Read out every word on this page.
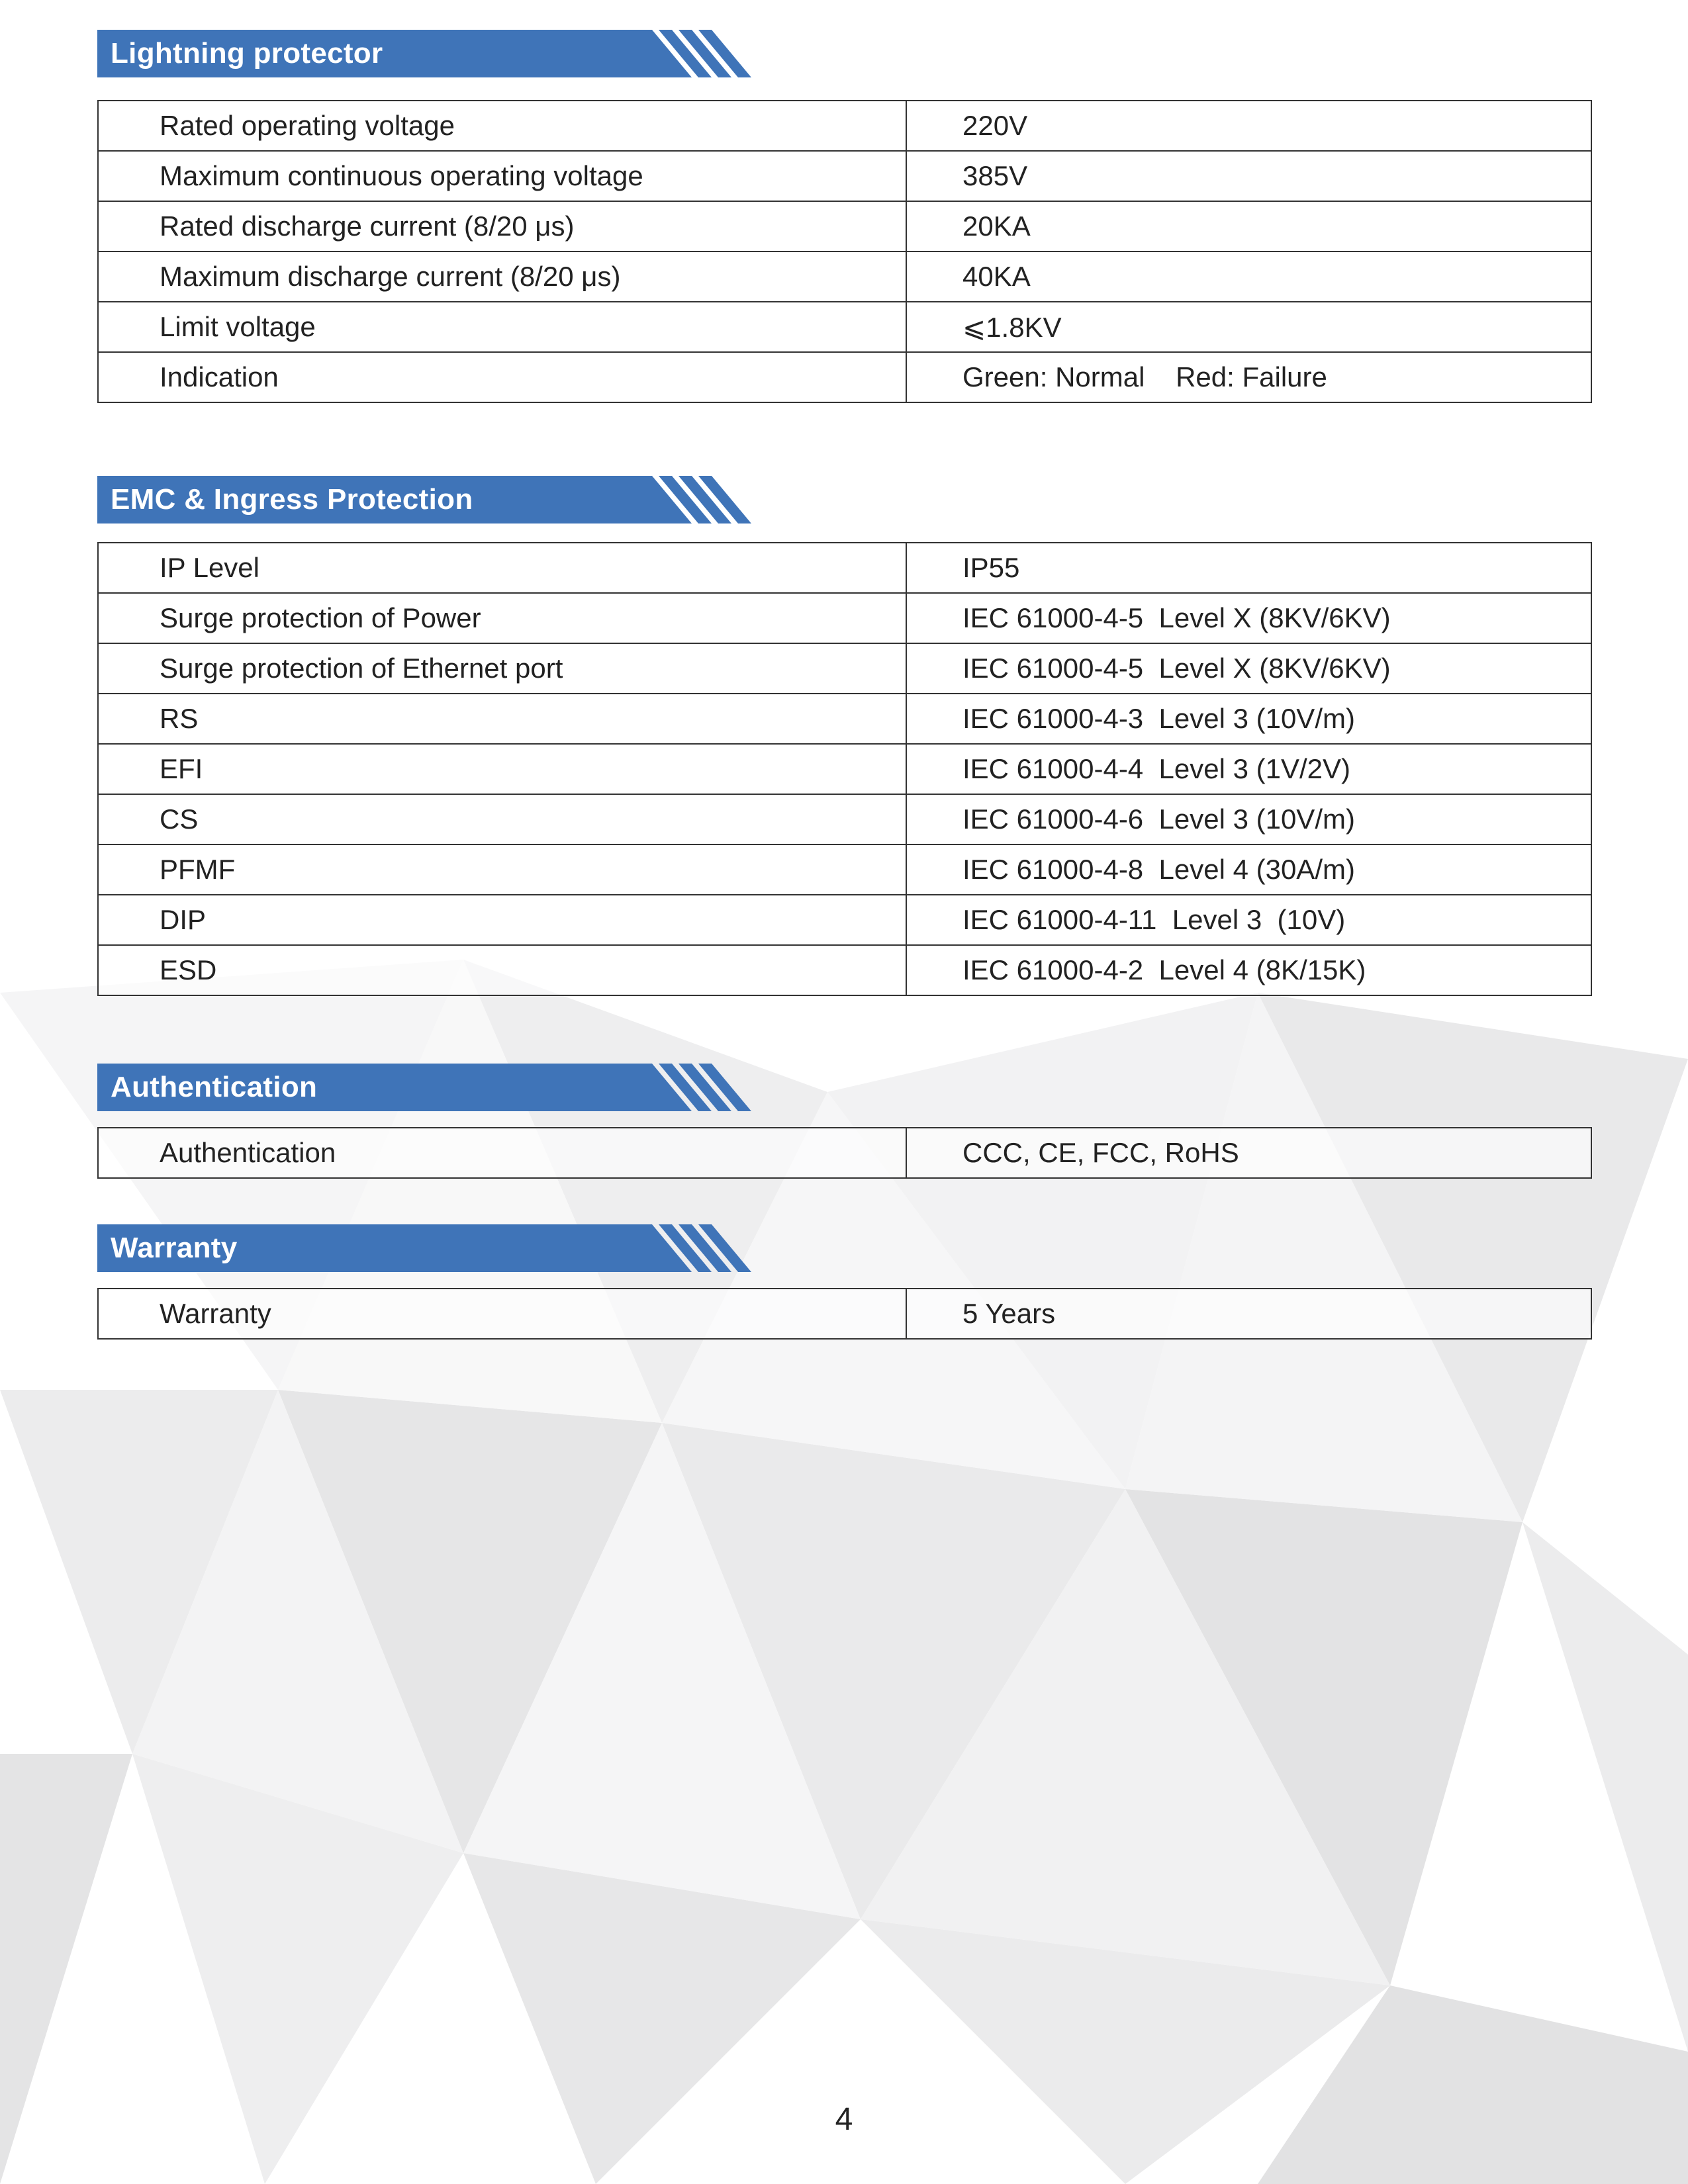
Lightning protector
Rated operating voltage	220V
Maximum continuous operating voltage	385V
Rated discharge current (8/20 μs)	20KA
Maximum discharge current (8/20 μs)	40KA
Limit voltage	⩽1.8KV
Indication	Green: Normal    Red: Failure
EMC & Ingress Protection
IP Level	IP55
Surge protection of Power	IEC 61000-4-5  Level X (8KV/6KV)
Surge protection of Ethernet port	IEC 61000-4-5  Level X (8KV/6KV)
RS	IEC 61000-4-3  Level 3 (10V/m)
EFI	IEC 61000-4-4  Level 3 (1V/2V)
CS	IEC 61000-4-6  Level 3 (10V/m)
PFMF	IEC 61000-4-8  Level 4 (30A/m)
DIP	IEC 61000-4-11  Level 3  (10V)
ESD	IEC 61000-4-2  Level 4 (8K/15K)
Authentication
Authentication	CCC, CE, FCC, RoHS
Warranty
Warranty	5 Years
4
